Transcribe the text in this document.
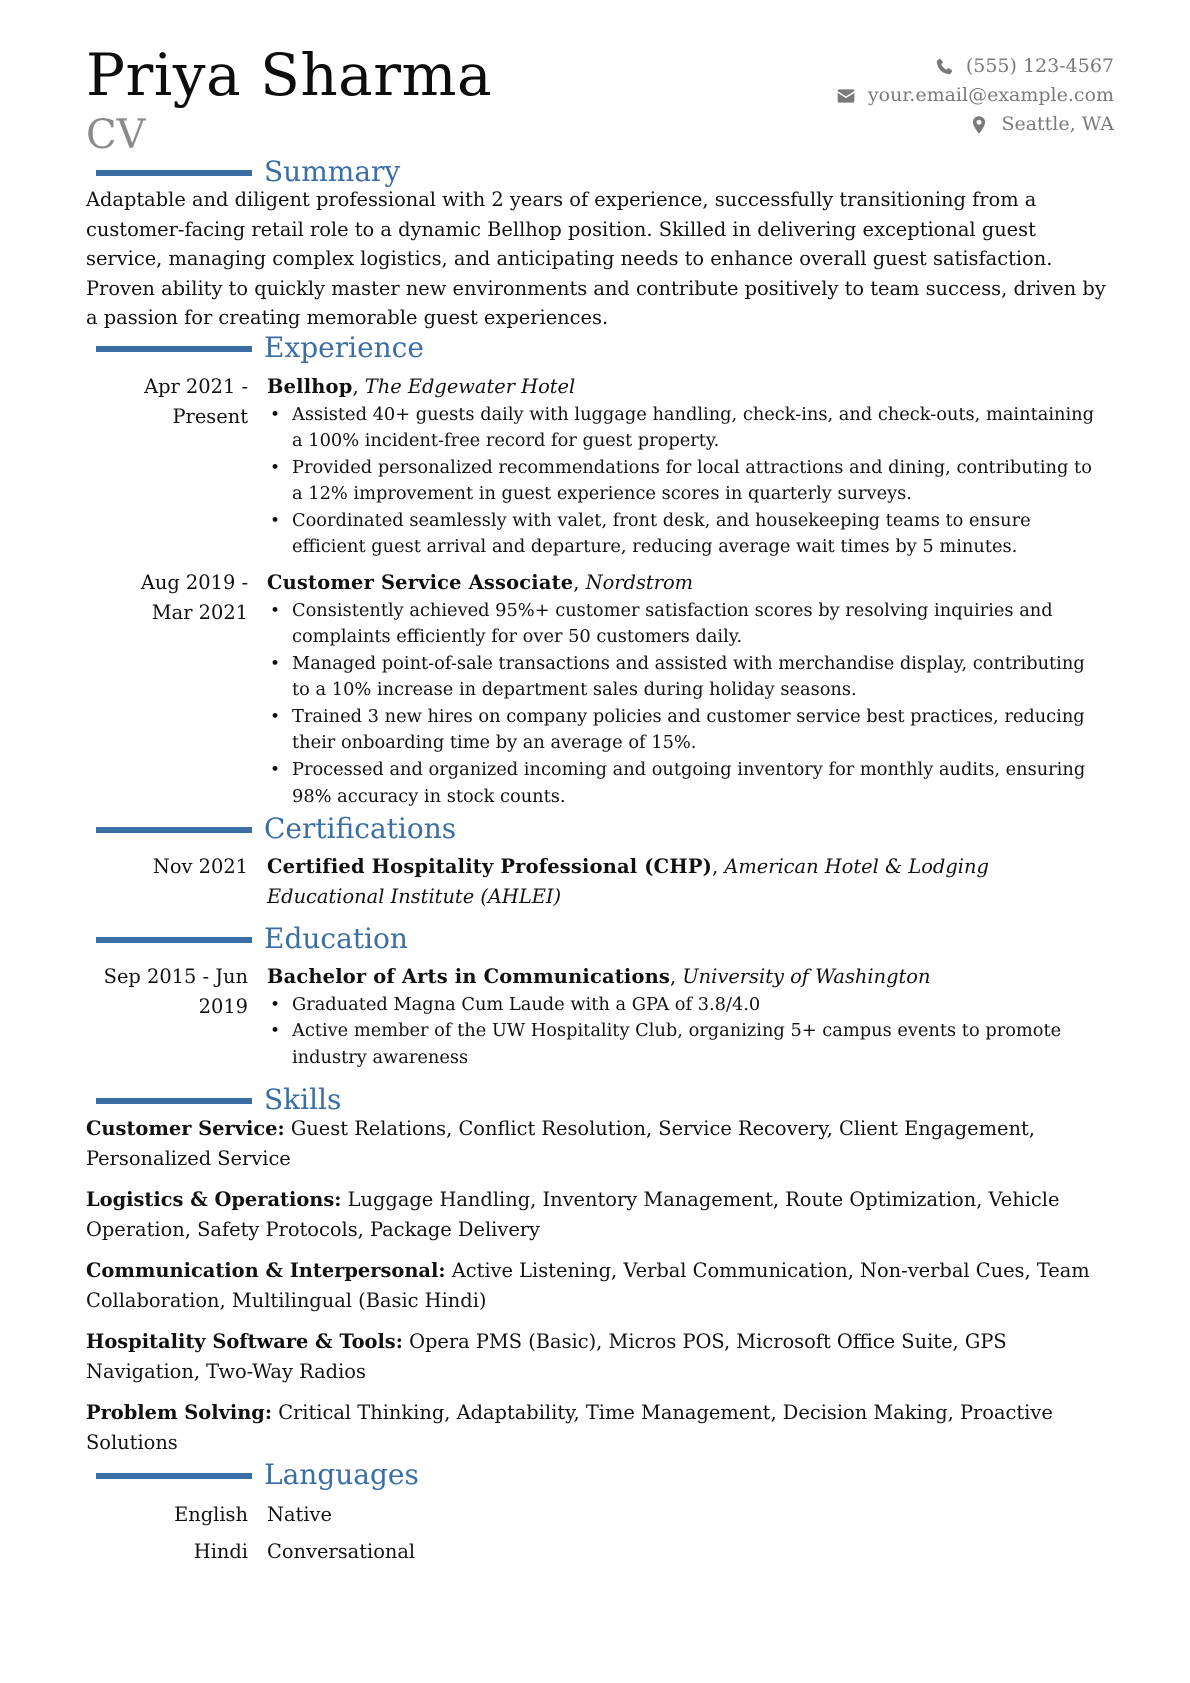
Priya Sharma
CV
(555) 123-4567
your.email@example.com
Seattle, WA
Summary
Adaptable and diligent professional with 2 years of experience, successfully transitioning from a customer-facing retail role to a dynamic Bellhop position. Skilled in delivering exceptional guest service, managing complex logistics, and anticipating needs to enhance overall guest satisfaction. Proven ability to quickly master new environments and contribute positively to team success, driven by a passion for creating memorable guest experiences.
Experience
Apr 2021 -
Present
Bellhop, The Edgewater Hotel
• Assisted 40+ guests daily with luggage handling, check-ins, and check-outs, maintaining a 100% incident-free record for guest property.
• Provided personalized recommendations for local attractions and dining, contributing to a 12% improvement in guest experience scores in quarterly surveys.
• Coordinated seamlessly with valet, front desk, and housekeeping teams to ensure efficient guest arrival and departure, reducing average wait times by 5 minutes.
Aug 2019 -
Mar 2021
Customer Service Associate, Nordstrom
• Consistently achieved 95%+ customer satisfaction scores by resolving inquiries and complaints efficiently for over 50 customers daily.
• Managed point-of-sale transactions and assisted with merchandise display, contributing to a 10% increase in department sales during holiday seasons.
• Trained 3 new hires on company policies and customer service best practices, reducing their onboarding time by an average of 15%.
• Processed and organized incoming and outgoing inventory for monthly audits, ensuring 98% accuracy in stock counts.
Certifications
Nov 2021 Certified Hospitality Professional (CHP), American Hotel & Lodging Educational Institute (AHLEI)
Education
Sep 2015 - Jun
2019
Bachelor of Arts in Communications, University of Washington
• Graduated Magna Cum Laude with a GPA of 3.8/4.0
• Active member of the UW Hospitality Club, organizing 5+ campus events to promote industry awareness
Skills
Customer Service: Guest Relations, Conflict Resolution, Service Recovery, Client Engagement, Personalized Service
Logistics & Operations: Luggage Handling, Inventory Management, Route Optimization, Vehicle Operation, Safety Protocols, Package Delivery
Communication & Interpersonal: Active Listening, Verbal Communication, Non-verbal Cues, Team Collaboration, Multilingual (Basic Hindi)
Hospitality Software & Tools: Opera PMS (Basic), Micros POS, Microsoft Office Suite, GPS Navigation, Two-Way Radios
Problem Solving: Critical Thinking, Adaptability, Time Management, Decision Making, Proactive Solutions
Languages
English Native
Hindi Conversational
